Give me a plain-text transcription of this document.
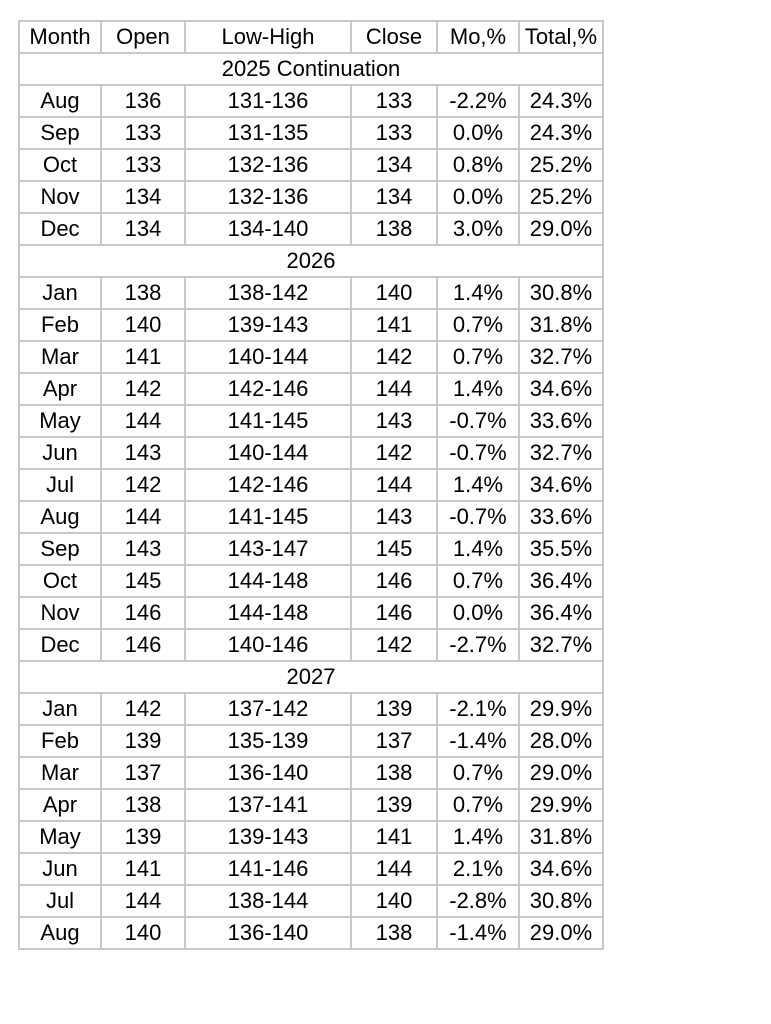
Month	Open	Low-High	Close	Mo,%	Total,%
2025 Continuation					
Aug	136	131-136	133	-2.2%	24.3%
Sep	133	131-135	133	0.0%	24.3%
Oct	133	132-136	134	0.8%	25.2%
Nov	134	132-136	134	0.0%	25.2%
Dec	134	134-140	138	3.0%	29.0%
2026					
Jan	138	138-142	140	1.4%	30.8%
Feb	140	139-143	141	0.7%	31.8%
Mar	141	140-144	142	0.7%	32.7%
Apr	142	142-146	144	1.4%	34.6%
May	144	141-145	143	-0.7%	33.6%
Jun	143	140-144	142	-0.7%	32.7%
Jul	142	142-146	144	1.4%	34.6%
Aug	144	141-145	143	-0.7%	33.6%
Sep	143	143-147	145	1.4%	35.5%
Oct	145	144-148	146	0.7%	36.4%
Nov	146	144-148	146	0.0%	36.4%
Dec	146	140-146	142	-2.7%	32.7%
2027					
Jan	142	137-142	139	-2.1%	29.9%
Feb	139	135-139	137	-1.4%	28.0%
Mar	137	136-140	138	0.7%	29.0%
Apr	138	137-141	139	0.7%	29.9%
May	139	139-143	141	1.4%	31.8%
Jun	141	141-146	144	2.1%	34.6%
Jul	144	138-144	140	-2.8%	30.8%
Aug	140	136-140	138	-1.4%	29.0%
